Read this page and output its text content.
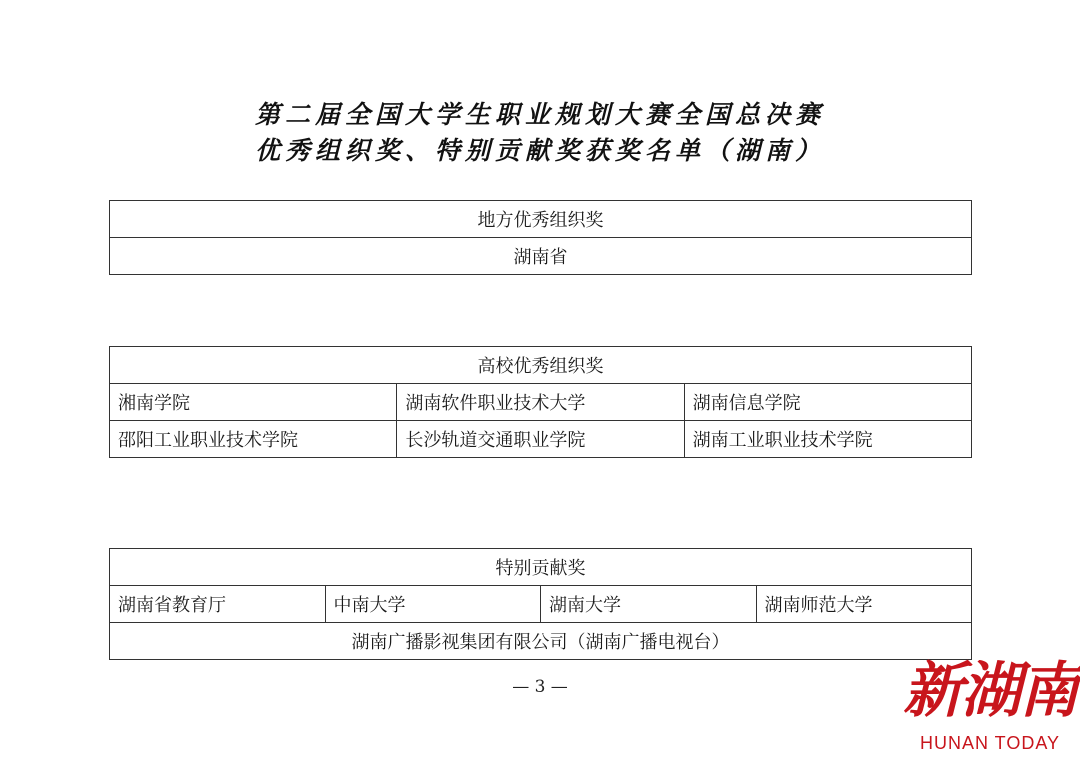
第二届全国大学生职业规划大赛全国总决赛
优秀组织奖、特别贡献奖获奖名单（湖南）
地方优秀组织奖
湖南省
高校优秀组织奖		
湘南学院	湖南软件职业技术大学	湖南信息学院
邵阳工业职业技术学院	长沙轨道交通职业学院	湖南工业职业技术学院
特别贡献奖
湖南省教育厅	中南大学	湖南大学	湖南师范大学
湖南广播影视集团有限公司（湖南广播电视台）
— 3 —	新湖南
HUNAN TODAY
